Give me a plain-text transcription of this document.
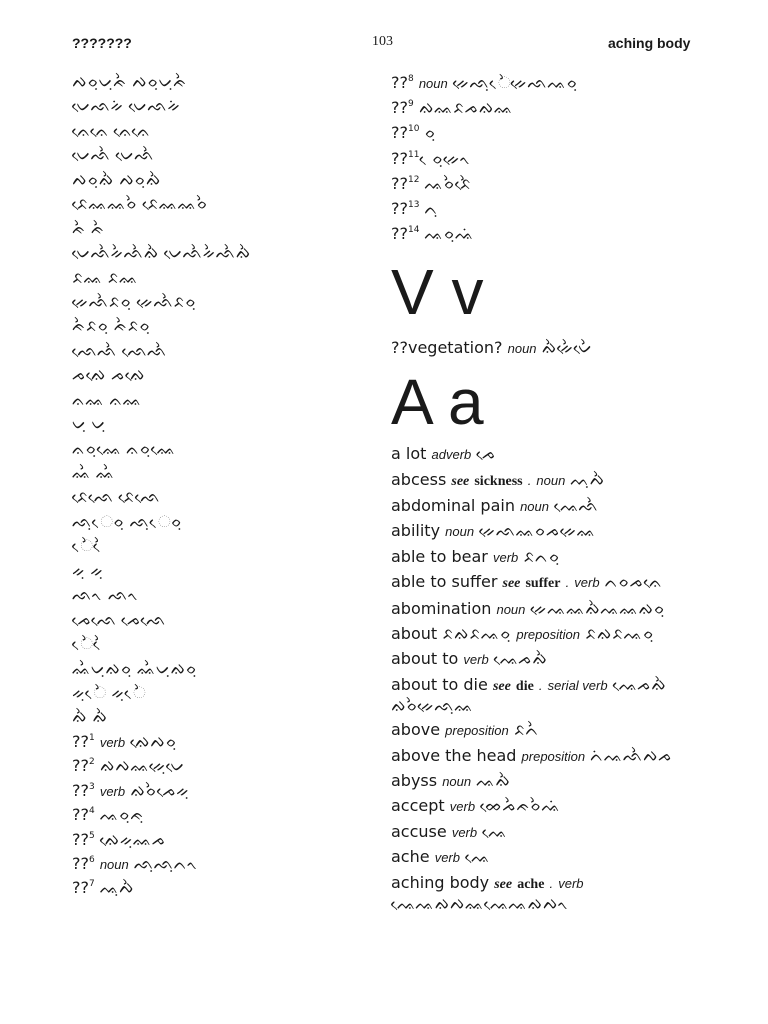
???????	103	aching body
ᨄᨔᨘᨆᨘᨃᨛ ᨄᨔᨘᨆᨘᨃᨛ
ᨆᨙᨒᨀᨗ ᨆᨙᨒᨀᨗ
ᨊᨙᨊᨙ ᨊᨙᨊᨙ
ᨆᨙᨒᨛ ᨆᨙᨒᨛ
ᨄᨔᨘᨁᨛ ᨄᨔᨘᨁᨛ
ᨅᨙᨐᨐᨔᨛ ᨅᨙᨐᨐᨔᨛ
ᨃᨛ ᨃᨛ
ᨆᨙᨒᨛᨀᨛᨒᨛᨁᨛ ᨆᨙᨒᨛᨀᨛᨒᨛᨁᨛ
ᨅᨐ ᨅᨐ
ᨀᨙᨒᨛᨅᨔᨘ ᨀᨙᨒᨛᨅᨔᨘ
ᨃᨛᨅᨔᨘ ᨃᨛᨅᨔᨘ
ᨒᨙᨒᨛ ᨒᨙᨒᨛ
ᨍᨁᨙ ᨍᨁᨙ
ᨊᨐ ᨊᨐ
ᨆᨘ ᨆᨘ
ᨊᨔᨘᨐᨙ ᨊᨔᨘᨐᨙ
ᨐᨛ ᨐᨛ
ᨅᨙᨒᨙ ᨅᨙᨒᨙ
ᨒᨘᨙᨔᨘ ᨒᨘᨙᨔᨘ
ᨙᨛ ᨙᨛ
ᨀᨘ ᨀᨘ
ᨒᨚ ᨒᨚ
ᨍᨙᨒᨙ ᨍᨙᨒᨙ
ᨙᨛ ᨙᨛ
ᨐᨛᨆᨘᨁᨔᨘ ᨐᨛᨆᨘᨁᨔᨘ
ᨀᨘᨙᨛ ᨀᨘᨙᨛ
ᨁᨛ ᨁᨛ
??$^1$ verb ᨁᨙᨄᨔᨘ
??$^2$ ᨁᨄᨐᨀᨙᨘᨆᨙ
??$^3$ verb ᨁᨔᨛᨍᨙᨀᨘ
??$^4$ ᨕᨔᨘᨃᨘ
??$^5$ ᨁᨙᨀᨘᨐᨍ
??$^6$ noun ᨒᨘᨒᨘᨈᨚ
??$^7$ ᨕᨘᨄᨛ
??$^8$ noun ᨀᨙᨒᨘᨙᨛᨀᨙᨒᨕᨔᨘ
??$^9$ ᨁᨐᨅᨍᨁᨐ
??$^{10}$ ᨔᨘ
??$^{11}$ ᨙᨔᨘᨀᨙᨚ
??$^{12}$ ᨕᨔᨛᨅᨙᨛ
??$^{13}$ ᨈᨘ
??$^{14}$ ᨕᨔᨘᨕᨗ
V v
??vegetation? noun ᨁᨛᨀᨙᨛᨆᨙᨛ
A a
a lot adverb ᨍᨙ
abcess see sickness . noun ᨓᨘᨄᨛ
abdominal pain noun ᨕᨙᨒᨛ
ability noun ᨀᨙᨒᨐᨔᨍᨀᨙᨐ
able to bear verb ᨅᨈᨔᨘ
able to suffer see suffer . verb ᨈᨔᨍᨊᨙ
abomination noun ᨀᨙᨕᨐᨁᨛᨕᨐᨁᨔᨘ
about ᨅᨁᨅᨕᨔᨘ preposition ᨅᨁᨅᨕᨔᨘ
about to verb ᨕᨙᨍᨁᨛ
about to die see die . serial verb ᨕᨙᨍᨁᨛ ᨁᨔᨛᨀᨙᨒᨘᨐ
above preposition ᨅᨈᨛ
above the head preposition ᨈᨗᨕᨒᨛᨄᨍ
abyss noun ᨕᨁᨛ
accept verb ᨖᨙᨍᨛᨃᨔᨛᨕᨗ
accuse verb ᨕᨙ
ache verb ᨕᨙ
aching body see ache . verb ᨕᨙᨕᨁᨄᨐᨕᨙᨕᨁᨄᨚ
